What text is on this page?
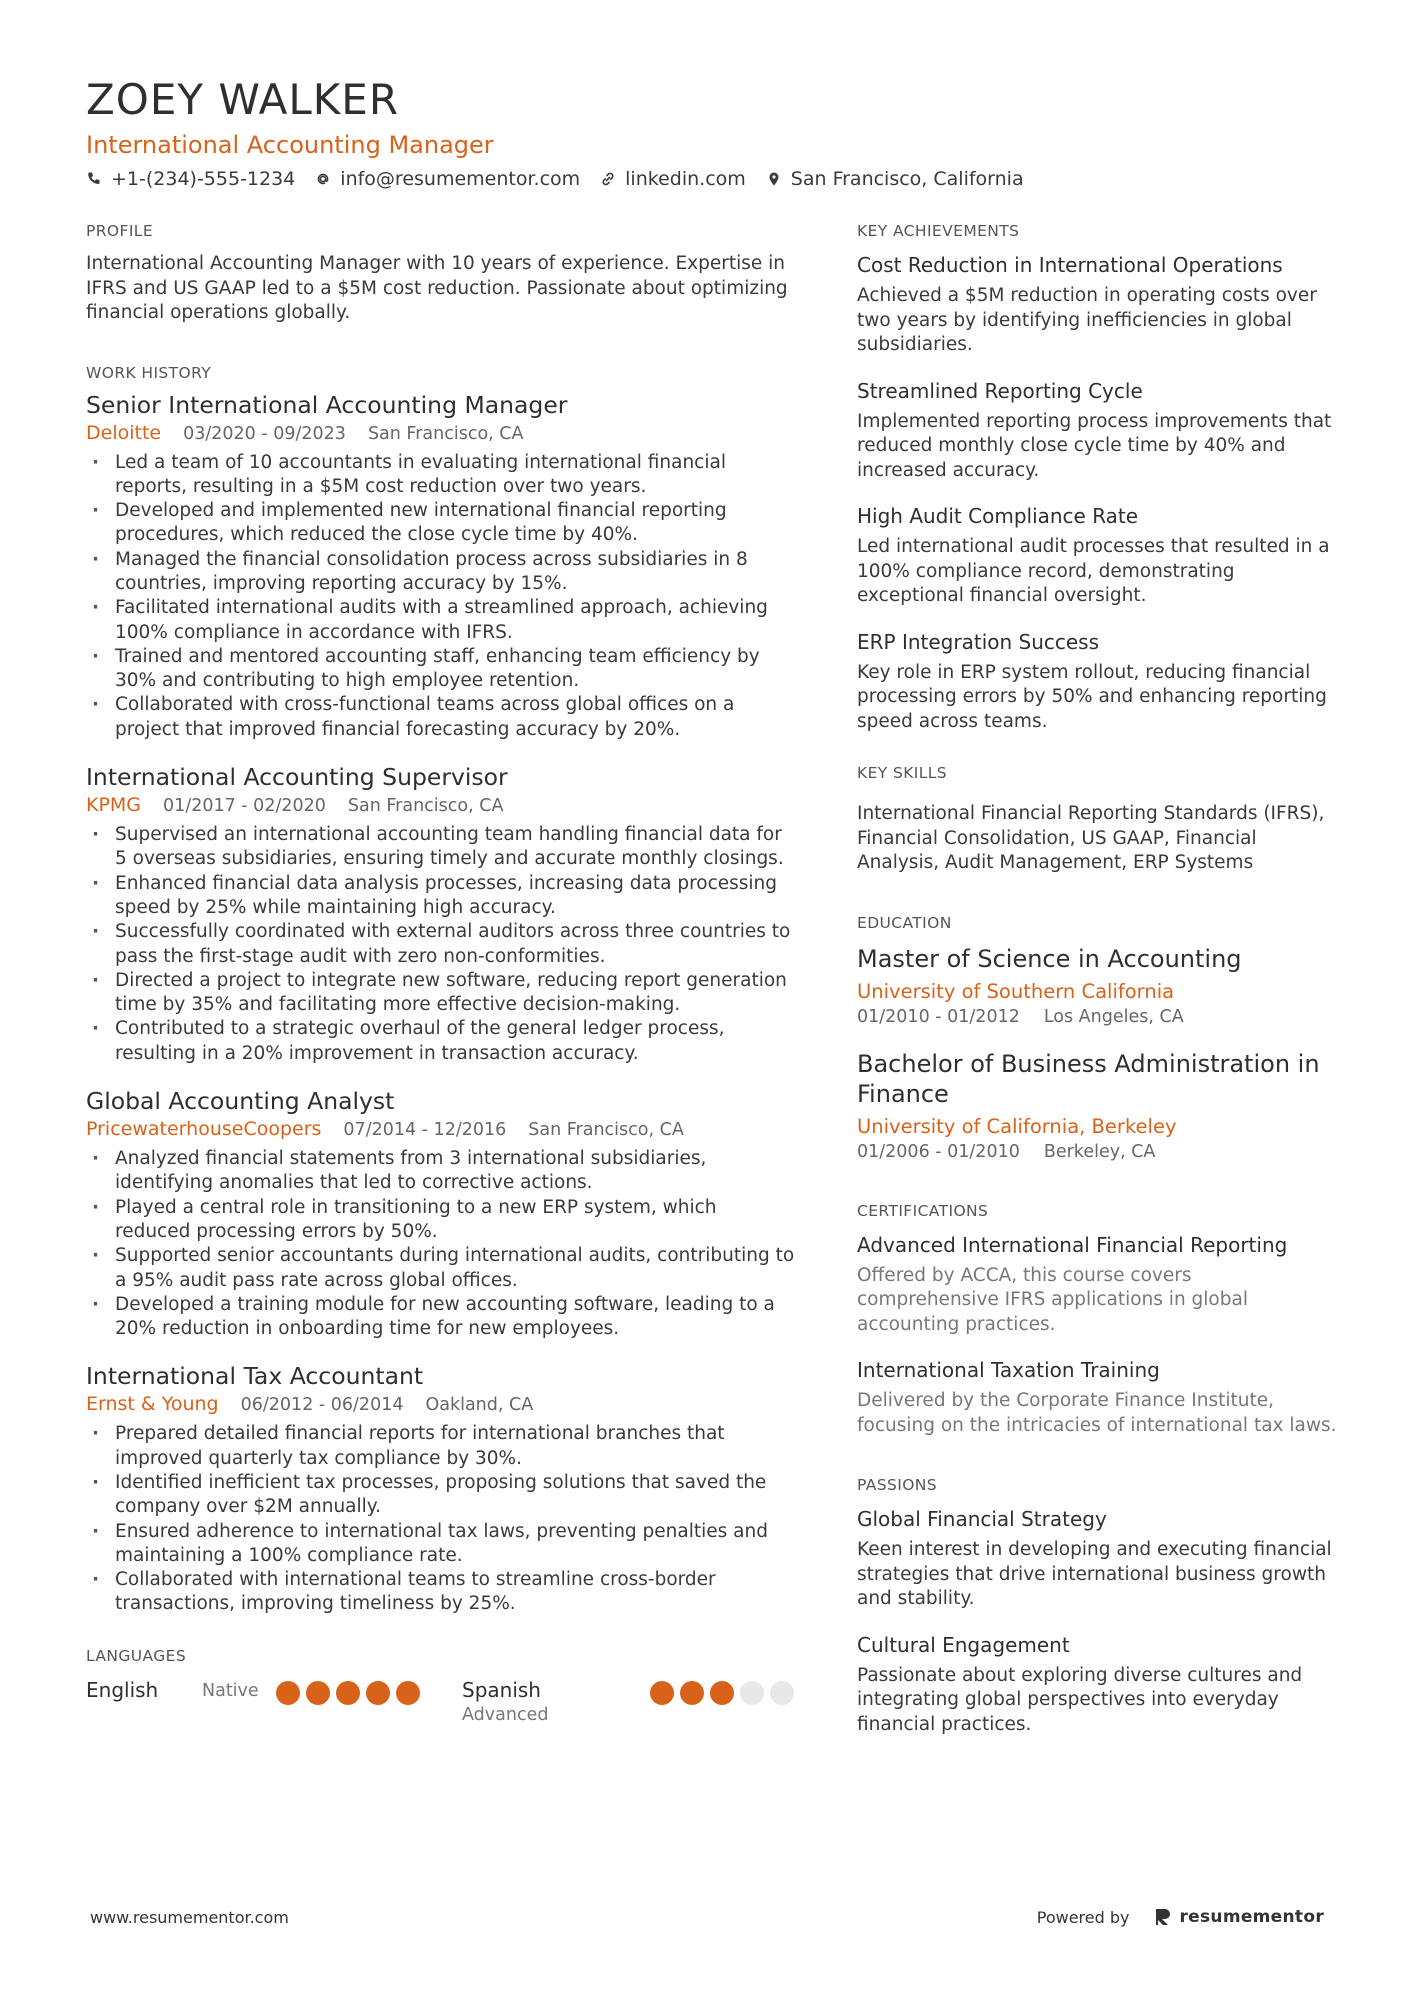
ZOEY WALKER
International Accounting Manager
+1-(234)-555-1234 info@resumementor.com linkedin.com San Francisco, California
PROFILE

International Accounting Manager with 10 years of experience. Expertise in IFRS and US GAAP led to a $5M cost reduction. Passionate about optimizing financial operations globally.

WORK HISTORY
Senior International Accounting Manager
Deloitte 03/2020 - 09/2023 San Francisco, CA
· Led a team of 10 accountants in evaluating international financial reports, resulting in a $5M cost reduction over two years.
· Developed and implemented new international financial reporting procedures, which reduced the close cycle time by 40%.
· Managed the financial consolidation process across subsidiaries in 8 countries, improving reporting accuracy by 15%.
· Facilitated international audits with a streamlined approach, achieving 100% compliance in accordance with IFRS.
· Trained and mentored accounting staff, enhancing team efficiency by 30% and contributing to high employee retention.
· Collaborated with cross-functional teams across global offices on a project that improved financial forecasting accuracy by 20%.
International Accounting Supervisor
KPMG 01/2017 - 02/2020 San Francisco, CA
· Supervised an international accounting team handling financial data for 5 overseas subsidiaries, ensuring timely and accurate monthly closings.
· Enhanced financial data analysis processes, increasing data processing speed by 25% while maintaining high accuracy.
· Successfully coordinated with external auditors across three countries to pass the first-stage audit with zero non-conformities.
· Directed a project to integrate new software, reducing report generation time by 35% and facilitating more effective decision-making.
· Contributed to a strategic overhaul of the general ledger process, resulting in a 20% improvement in transaction accuracy.
Global Accounting Analyst
PricewaterhouseCoopers 07/2014 - 12/2016 San Francisco, CA
· Analyzed financial statements from 3 international subsidiaries, identifying anomalies that led to corrective actions.
· Played a central role in transitioning to a new ERP system, which reduced processing errors by 50%.
· Supported senior accountants during international audits, contributing to a 95% audit pass rate across global offices.
· Developed a training module for new accounting software, leading to a 20% reduction in onboarding time for new employees.
International Tax Accountant
Ernst & Young 06/2012 - 06/2014 Oakland, CA
· Prepared detailed financial reports for international branches that improved quarterly tax compliance by 30%.
· Identified inefficient tax processes, proposing solutions that saved the company over $2M annually.
· Ensured adherence to international tax laws, preventing penalties and maintaining a 100% compliance rate.
· Collaborated with international teams to streamline cross-border transactions, improving timeliness by 25%.
LANGUAGES
English	Native	Spanish
Advanced
KEY ACHIEVEMENTS
Cost Reduction in International Operations
Achieved a $5M reduction in operating costs over two years by identifying inefficiencies in global subsidiaries.
Streamlined Reporting Cycle
Implemented reporting process improvements that reduced monthly close cycle time by 40% and increased accuracy.
High Audit Compliance Rate
Led international audit processes that resulted in a 100% compliance record, demonstrating exceptional financial oversight.
ERP Integration Success
Key role in ERP system rollout, reducing financial processing errors by 50% and enhancing reporting speed across teams.
KEY SKILLS
International Financial Reporting Standards (IFRS), Financial Consolidation, US GAAP, Financial Analysis, Audit Management, ERP Systems
EDUCATION
Master of Science in Accounting
University of Southern California
01/2010 - 01/2012 Los Angeles, CA
Bachelor of Business Administration in Finance
University of California, Berkeley
01/2006 - 01/2010 Berkeley, CA
CERTIFICATIONS
Advanced International Financial Reporting
Offered by ACCA, this course covers comprehensive IFRS applications in global accounting practices.
International Taxation Training
Delivered by the Corporate Finance Institute, focusing on the intricacies of international tax laws.
PASSIONS
Global Financial Strategy
Keen interest in developing and executing financial strategies that drive international business growth and stability.
Cultural Engagement
Passionate about exploring diverse cultures and integrating global perspectives into everyday financial practices.
www.resumementor.com	Powered by	resumementor
